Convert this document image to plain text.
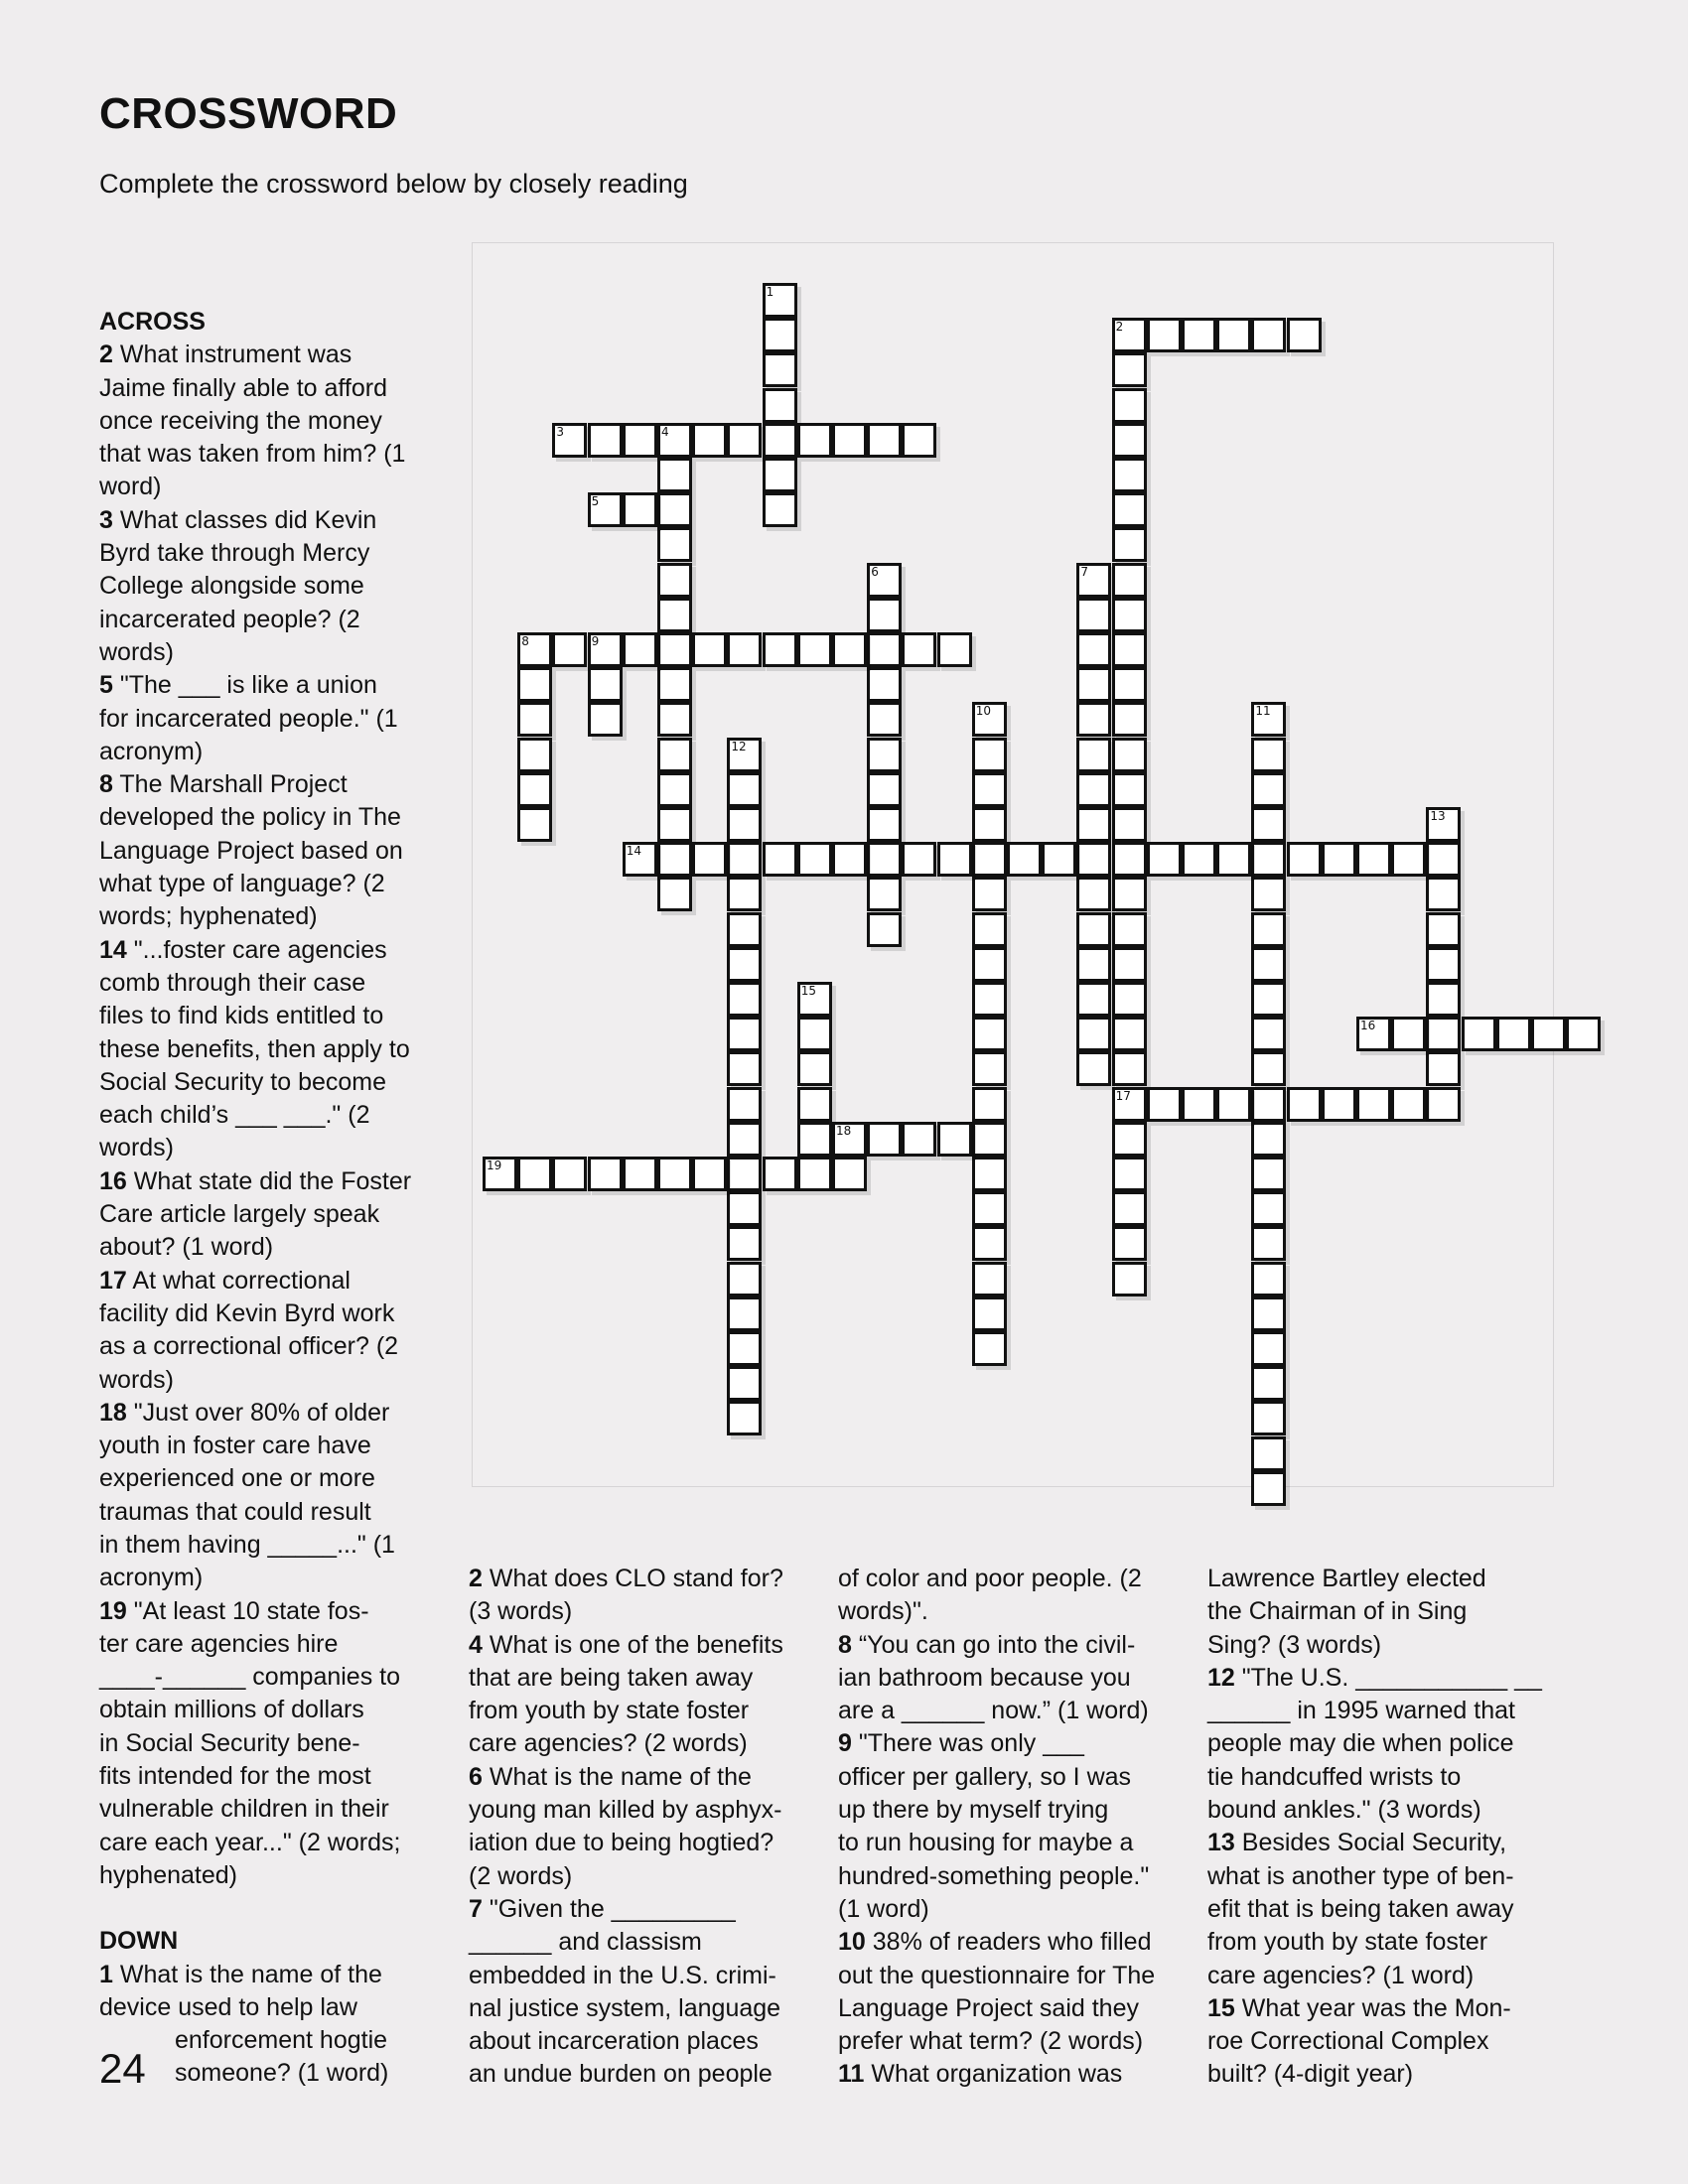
CROSSWORD
Complete the crossword below by closely reading
1
2
17
3	4
5
6	7
8	9
10	11
12
13
14
15
16
18
19

ACROSS

2 What instrument was

Jaime finally able to afford

once receiving the money

that was taken from him? (1

word)

3 What classes did Kevin

Byrd take through Mercy

College alongside some

incarcerated people? (2

words)

5 "The ___ is like a union

for incarcerated people." (1

acronym)

8 The Marshall Project

developed the policy in The

Language Project based on

what type of language? (2

words; hyphenated)

14 "...foster care agencies

comb through their case

files to find kids entitled to

these benefits, then apply to

Social Security to become

each child’s ___ ___." (2

words)

16 What state did the Foster

Care article largely speak

about? (1 word)

17 At what correctional

facility did Kevin Byrd work

as a correctional officer? (2

words)

18 "Just over 80% of older

youth in foster care have

experienced one or more

traumas that could result

in them having _____..." (1

acronym)

19 "At least 10 state fos-

ter care agencies hire

____-______ companies to

obtain millions of dollars

in Social Security bene-

fits intended for the most

vulnerable children in their

care each year..." (2 words;

hyphenated)

DOWN

1 What is the name of the

device used to help law

enforcement hogtie

someone? (1 word)

24

2 What does CLO stand for?

(3 words)

4 What is one of the benefits

that are being taken away

from youth by state foster

care agencies? (2 words)

6 What is the name of the

young man killed by asphyx-

iation due to being hogtied?

(2 words)

7 "Given the _________

______ and classism

embedded in the U.S. crimi-

nal justice system, language

about incarceration places

an undue burden on people

of color and poor people. (2

words)".

8 “You can go into the civil-

ian bathroom because you

are a ______ now.” (1 word)

9 "There was only ___

officer per gallery, so I was

up there by myself trying

to run housing for maybe a

hundred-something people."

(1 word)

10 38% of readers who filled

out the questionnaire for The

Language Project said they

prefer what term? (2 words)

11 What organization was

Lawrence Bartley elected

the Chairman of in Sing

Sing? (3 words)

12 "The U.S. ___________ __

______ in 1995 warned that

people may die when police

tie handcuffed wrists to

bound ankles." (3 words)

13 Besides Social Security,

what is another type of ben-

efit that is being taken away

from youth by state foster

care agencies? (1 word)

15 What year was the Mon-

roe Correctional Complex

built? (4-digit year)
